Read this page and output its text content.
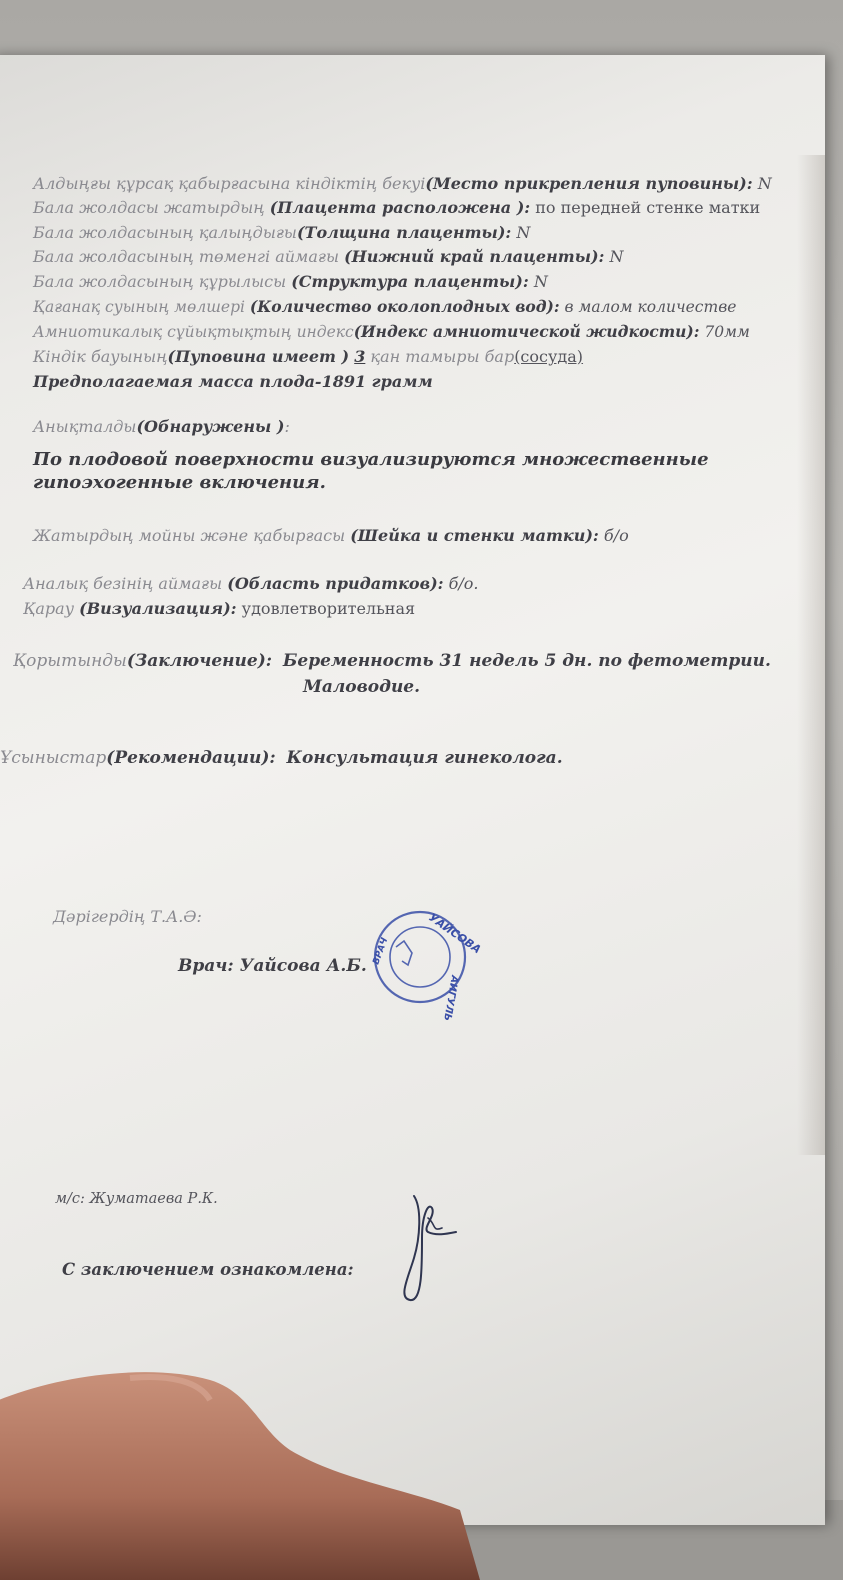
Алдыңғы құрсақ қабырғасына кіндіктің бекуі(Место прикрепления пуповины): N
Бала жолдасы жатырдың (Плацента расположена ): по передней стенке матки
Бала жолдасының қалыңдығы(Толщина плаценты): N
Бала жолдасының төменгі аймағы (Нижний край плаценты): N
Бала жолдасының құрылысы (Структура плаценты): N
Қағанақ суының мөлшері (Количество околоплодных вод): в малом количестве
Амниотикалық сұйықтықтың индекс(Индекс амниотической жидкости): 70мм
Кіндік бауының(Пуповина имеет ) 3 қан тамыры бар(сосуда)
Предполагаемая масса плода-1891 грамм
Анықталды(Обнаружены ):
По плодовой поверхности визуализируются множественные
гипоэхогенные включения.
Жатырдың мойны және қабырғасы (Шейка и стенки матки): б/о
Аналық безінің аймағы (Область придатков): б/о.
Қарау (Визуализация): удовлетворительная
Қорытынды(Заключение): Беременность 31 недель 5 дн. по фетометрии.
Маловодие.
Ұсыныстар(Рекомендации): Консультация гинеколога.
Дәрігердің Т.А.Ә:
Врач: Уайсова А.Б.
м/с: Жуматаева Р.К.
С заключением ознакомлена:
УАЙСОВА
АИГУЛЬ
ВРАЧ
